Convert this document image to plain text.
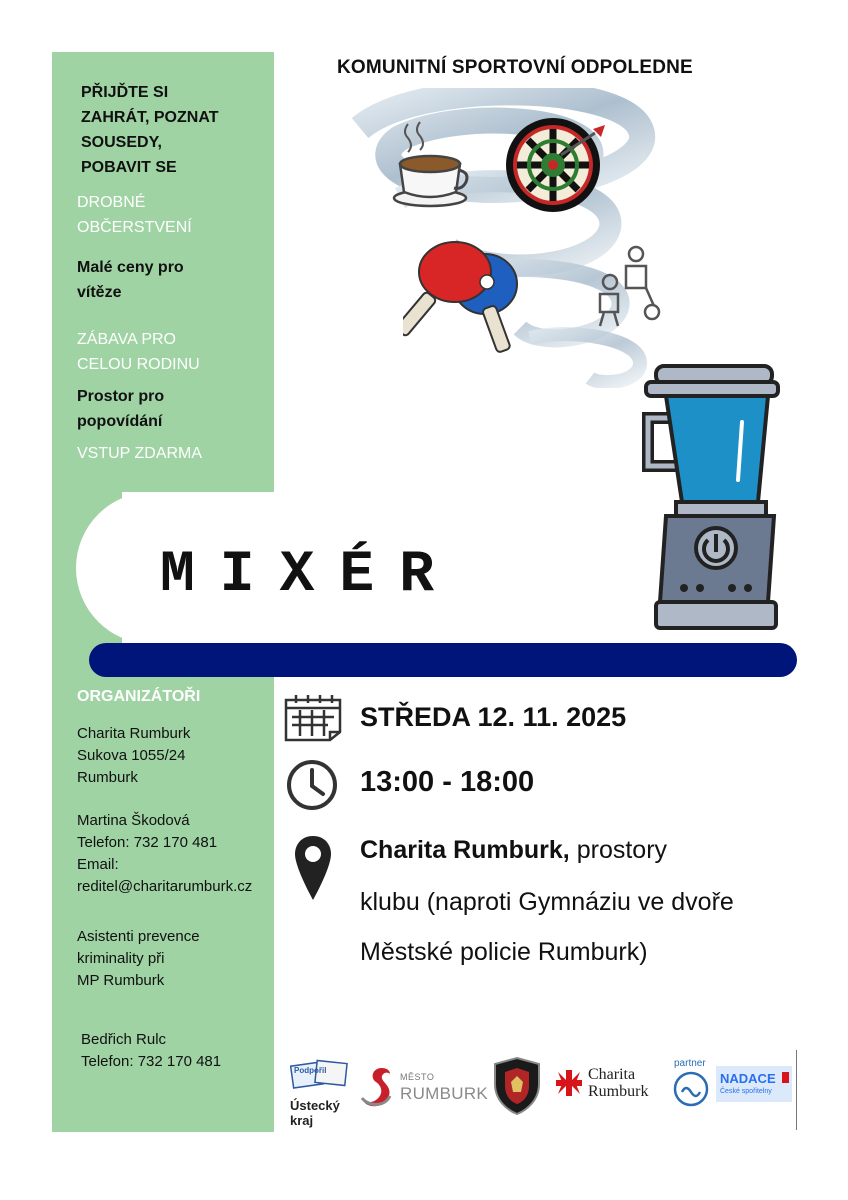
KOMUNITNÍ SPORTOVNÍ ODPOLEDNE

PŘIJĎTE SI

ZAHRÁT, POZNAT

SOUSEDY,

POBAVIT SE

DROBNÉ

OBČERSTVENÍ

Malé ceny pro

vítěze

ZÁBAVA PRO

CELOU RODINU

Prostor pro

popovídání

VSTUP ZDARMA

MIXÉR

ORGANIZÁTOŘI

Charita Rumburk

Sukova 1055/24

Rumburk

Martina Škodová

Telefon: 732 170 481

Email:

reditel@charitarumburk.cz

Asistenti prevence

kriminality při

MP Rumburk

Bedřich Rulc

Telefon: 732 170 481

STŘEDA 12. 11. 2025

13:00 - 18:00

Charita Rumburk, prostory

klubu (naproti Gymnáziu ve dvoře

Městské policie Rumburk)

Podpořil

Ústecký kraj

MĚSTO

RUMBURK

Charita

Rumburk

partner

NADACE

České spořitelny
